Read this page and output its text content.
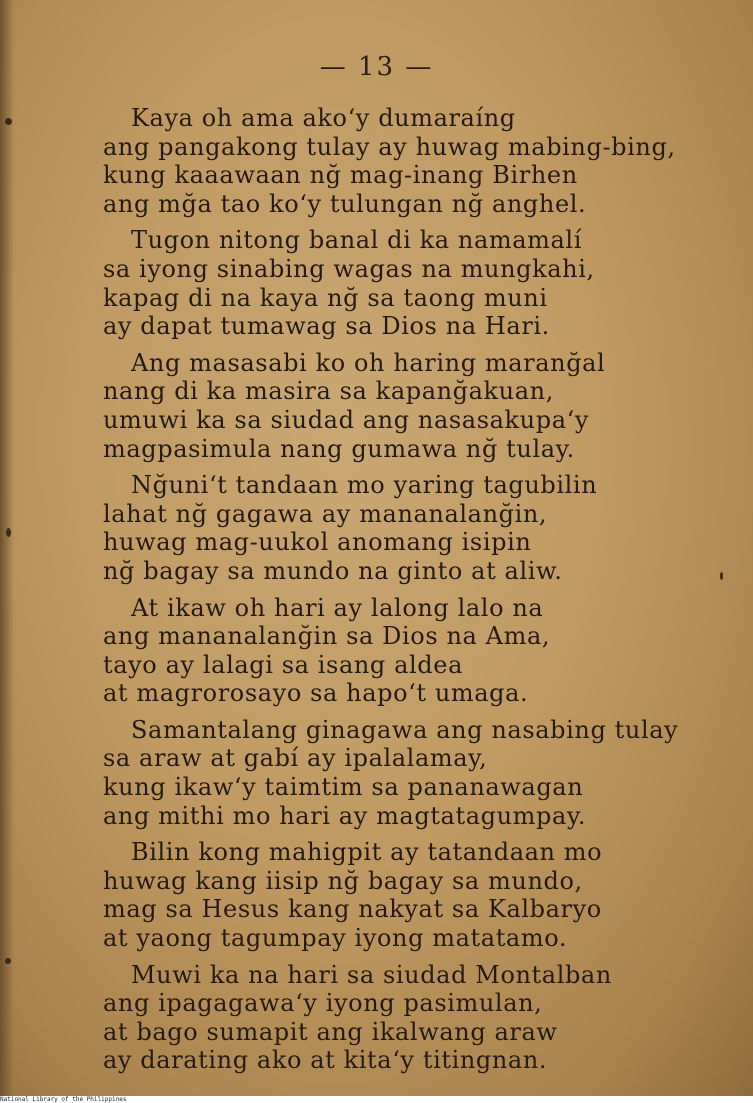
— 13 —
Kaya oh ama ako‘y dumaraíng
ang pangakong tulay ay huwag mabing-bing,
kung kaaawaan nğ mag-inang Birhen
ang mğa tao ko‘y tulungan nğ anghel.
Tugon nitong banal di ka namamalí
sa iyong sinabing wagas na mungkahi,
kapag di na kaya nğ sa taong muni
ay dapat tumawag sa Dios na Hari.
Ang masasabi ko oh haring maranğal
nang di ka masira sa kapanğakuan,
umuwi ka sa siudad ang nasasakupa‘y
magpasimula nang gumawa nğ tulay.
Nğuni‘t tandaan mo yaring tagubilin
lahat nğ gagawa ay mananalanğin,
huwag mag-uukol anomang isipin
nğ bagay sa mundo na ginto at aliw.
At ikaw oh hari ay lalong lalo na
ang mananalanğin sa Dios na Ama,
tayo ay lalagi sa isang aldea
at magrorosayo sa hapo‘t umaga.
Samantalang ginagawa ang nasabing tulay
sa araw at gabí ay ipalalamay,
kung ikaw‘y taimtim sa pananawagan
ang mithi mo hari ay magtatagumpay.
Bilin kong mahigpit ay tatandaan mo
huwag kang iisip nğ bagay sa mundo,
mag sa Hesus kang nakyat sa Kalbaryo
at yaong tagumpay iyong matatamo.
Muwi ka na hari sa siudad Montalban
ang ipagagawa‘y iyong pasimulan,
at bago sumapit ang ikalwang araw
ay darating ako at kita‘y titingnan.
National Library of the Philippines
